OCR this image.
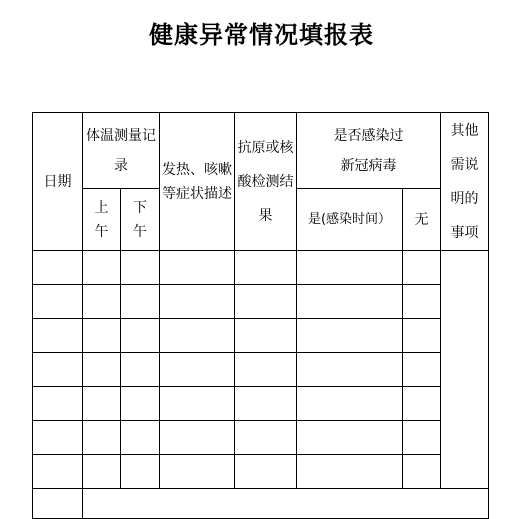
健康异常情况填报表
日期	体温测量记录		发热、咳嗽等症状描述	抗原或核酸检测结果	是否感染过新冠病毒		其他需说明的事项
	上午	下午			是(感染时间）	无	
